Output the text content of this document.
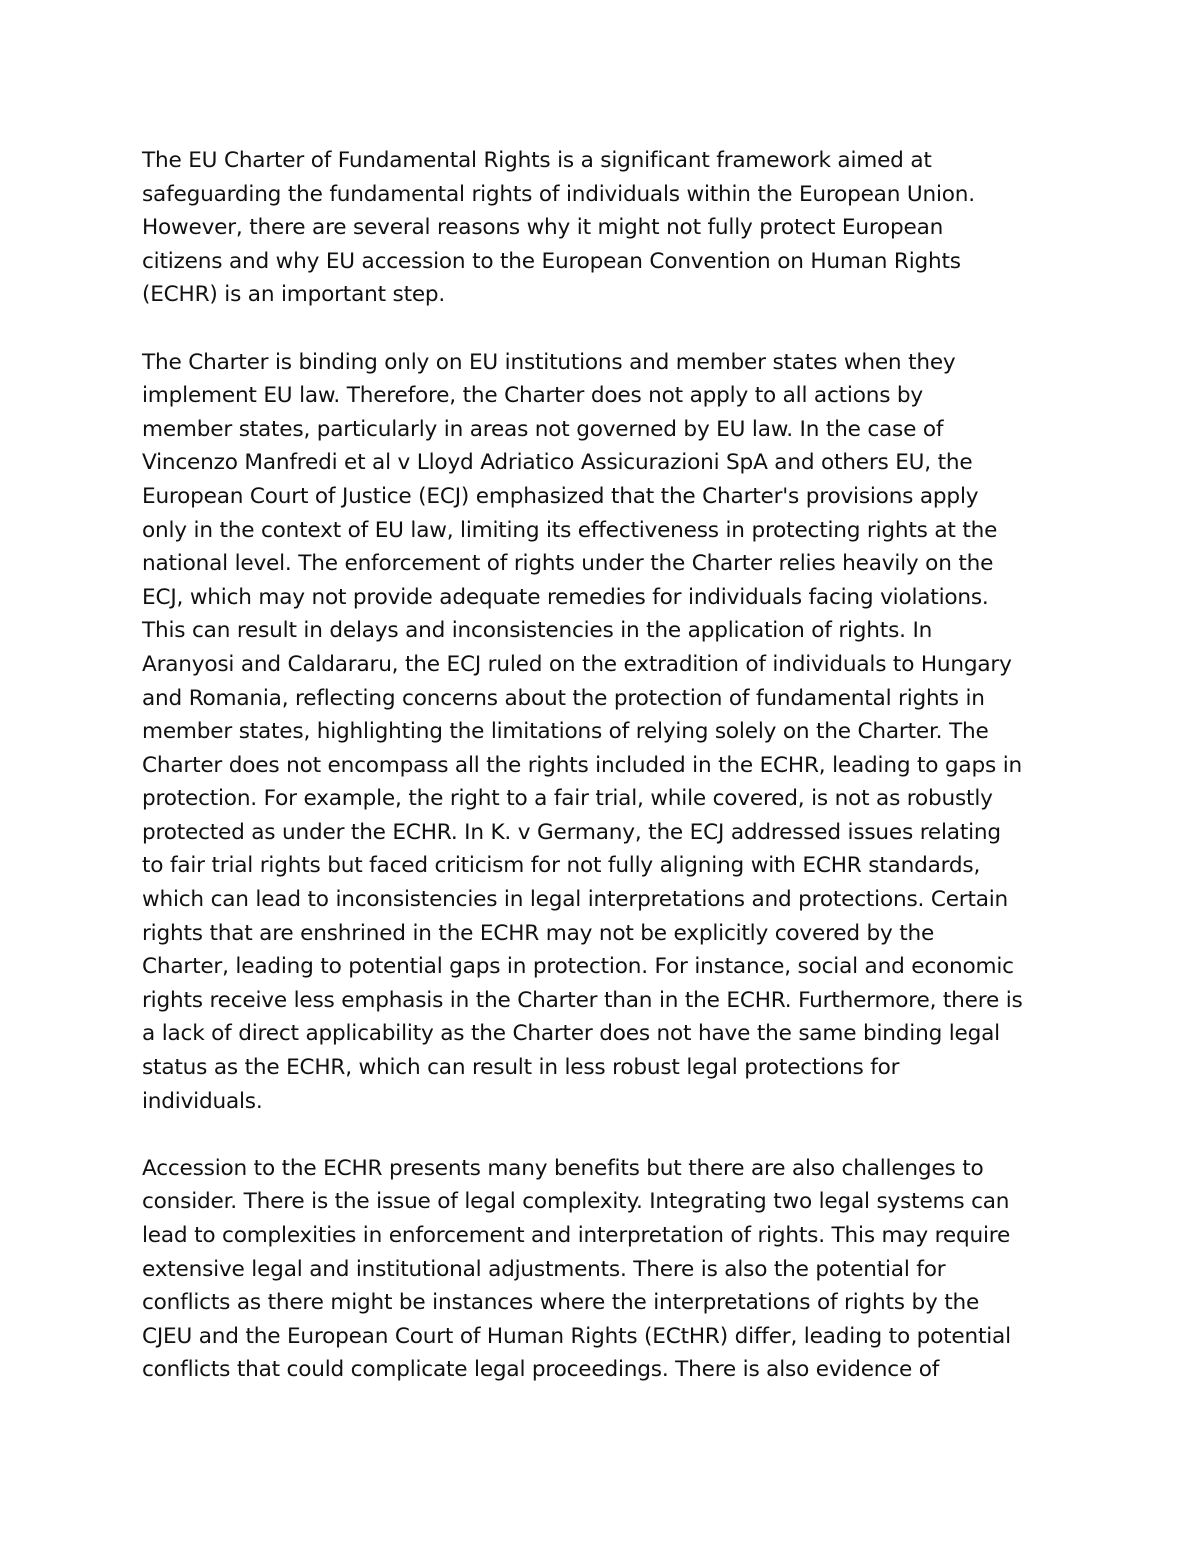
The EU Charter of Fundamental Rights is a significant framework aimed at
safeguarding the fundamental rights of individuals within the European Union.
However, there are several reasons why it might not fully protect European
citizens and why EU accession to the European Convention on Human Rights
(ECHR) is an important step.
The Charter is binding only on EU institutions and member states when they
implement EU law. Therefore, the Charter does not apply to all actions by
member states, particularly in areas not governed by EU law. In the case of
Vincenzo Manfredi et al v Lloyd Adriatico Assicurazioni SpA and others EU, the
European Court of Justice (ECJ) emphasized that the Charter's provisions apply
only in the context of EU law, limiting its effectiveness in protecting rights at the
national level. The enforcement of rights under the Charter relies heavily on the
ECJ, which may not provide adequate remedies for individuals facing violations.
This can result in delays and inconsistencies in the application of rights. In
Aranyosi and Caldararu, the ECJ ruled on the extradition of individuals to Hungary
and Romania, reflecting concerns about the protection of fundamental rights in
member states, highlighting the limitations of relying solely on the Charter. The
Charter does not encompass all the rights included in the ECHR, leading to gaps in
protection. For example, the right to a fair trial, while covered, is not as robustly
protected as under the ECHR. In K. v Germany, the ECJ addressed issues relating
to fair trial rights but faced criticism for not fully aligning with ECHR standards,
which can lead to inconsistencies in legal interpretations and protections. Certain
rights that are enshrined in the ECHR may not be explicitly covered by the
Charter, leading to potential gaps in protection. For instance, social and economic
rights receive less emphasis in the Charter than in the ECHR. Furthermore, there is
a lack of direct applicability as the Charter does not have the same binding legal
status as the ECHR, which can result in less robust legal protections for
individuals.
Accession to the ECHR presents many benefits but there are also challenges to
consider. There is the issue of legal complexity. Integrating two legal systems can
lead to complexities in enforcement and interpretation of rights. This may require
extensive legal and institutional adjustments. There is also the potential for
conflicts as there might be instances where the interpretations of rights by the
CJEU and the European Court of Human Rights (ECtHR) differ, leading to potential
conflicts that could complicate legal proceedings. There is also evidence of
